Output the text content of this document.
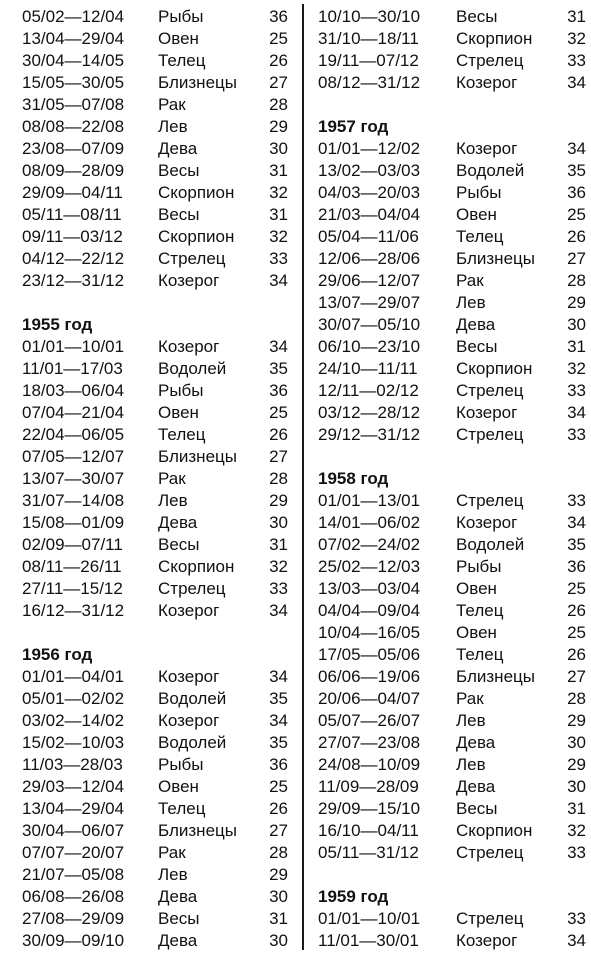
05/02—12/04 Рыбы	36
13/04—29/04 Овен	25
30/04—14/05 Телец	26
15/05—30/05 Близнецы 27
31/05—07/08 Рак	28
08/08—22/08 Лев	29
23/08—07/09 Дева	30
08/09—28/09 Весы	31
29/09—04/11 Скорпион 32
05/11—08/11 Весы	31
09/11—03/12 Скорпион 32
04/12—22/12 Стрелец	33
23/12—31/12 Козерог	34
1955 год
01/01—10/01 Козерог	34
11/01—17/03 Водолей	35
18/03—06/04 Рыбы	36
07/04—21/04 Овен	25
22/04—06/05 Телец	26
07/05—12/07 Близнецы 27
13/07—30/07 Рак	28
31/07—14/08 Лев	29
15/08—01/09 Дева	30
02/09—07/11 Весы	31
08/11—26/11 Скорпион 32
27/11—15/12 Стрелец	33
16/12—31/12 Козерог	34
1956 год
01/01—04/01 Козерог	34
05/01—02/02 Водолей	35
03/02—14/02 Козерог	34
15/02—10/03 Водолей	35
11/03—28/03 Рыбы	36
29/03—12/04 Овен	25
13/04—29/04 Телец	26
30/04—06/07 Близнецы 27
07/07—20/07 Рак	28
21/07—05/08 Лев	29
06/08—26/08 Дева	30
27/08—29/09 Весы	31
30/09—09/10 Дева	30
10/10—30/10 Весы	31
31/10—18/11 Скорпион 32
19/11—07/12 Стрелец	33
08/12—31/12 Козерог	34
1957 год
01/01—12/02 Козерог	34
13/02—03/03 Водолей	35
04/03—20/03 Рыбы	36
21/03—04/04 Овен	25
05/04—11/06 Телец	26
12/06—28/06 Близнецы 27
29/06—12/07 Рак	28
13/07—29/07 Лев	29
30/07—05/10 Дева	30
06/10—23/10 Весы	31
24/10—11/11 Скорпион 32
12/11—02/12 Стрелец	33
03/12—28/12 Козерог	34
29/12—31/12 Стрелец	33
1958 год
01/01—13/01 Стрелец	33
14/01—06/02 Козерог	34
07/02—24/02 Водолей	35
25/02—12/03 Рыбы	36
13/03—03/04 Овен	25
04/04—09/04 Телец	26
10/04—16/05 Овен	25
17/05—05/06 Телец	26
06/06—19/06 Близнецы 27
20/06—04/07 Рак	28
05/07—26/07 Лев	29
27/07—23/08 Дева	30
24/08—10/09 Лев	29
11/09—28/09 Дева	30
29/09—15/10 Весы	31
16/10—04/11 Скорпион 32
05/11—31/12 Стрелец	33
1959 год
01/01—10/01 Стрелец	33
11/01—30/01 Козерог	34
